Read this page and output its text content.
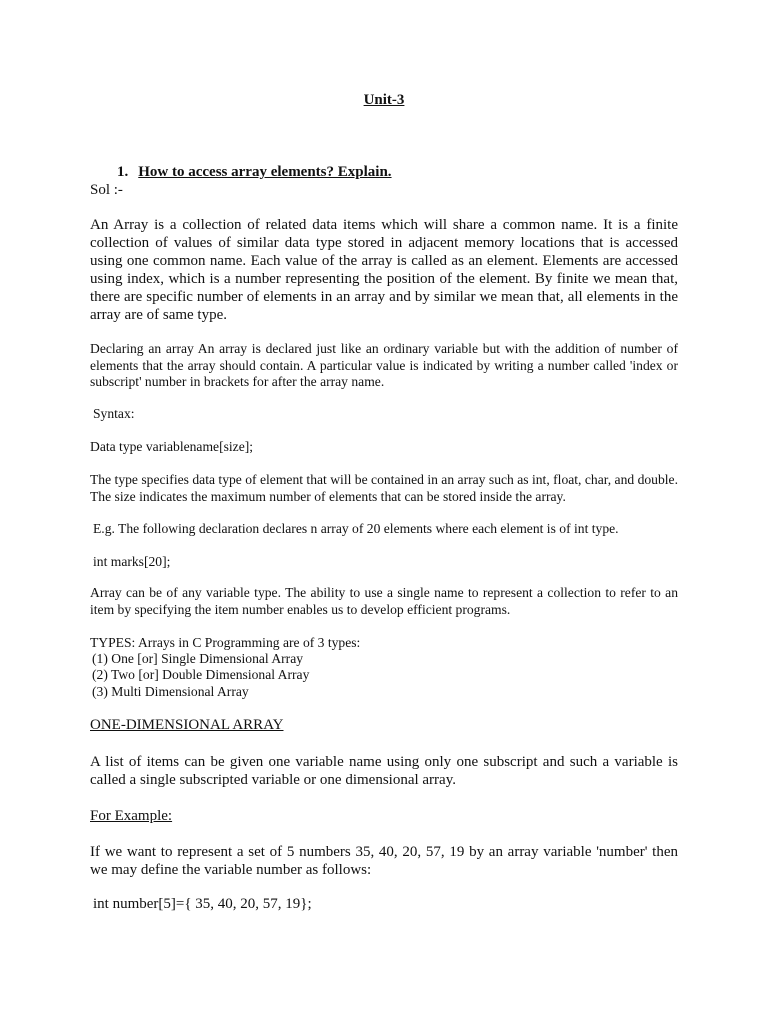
Unit-3

1. How to access array elements? Explain.

Sol :-

An Array is a collection of related data items which will share a common name. It is a finite collection of values of similar data type stored in adjacent memory locations that is accessed using one common name. Each value of the array is called as an element. Elements are accessed using index, which is a number representing the position of the element. By finite we mean that, there are specific number of elements in an array and by similar we mean that, all elements in the array are of same type.

Declaring an array An array is declared just like an ordinary variable but with the addition of number of elements that the array should contain. A particular value is indicated by writing a number called 'index or subscript' number in brackets for after the array name.

Syntax:

Data type variablename[size];

The type specifies data type of element that will be contained in an array such as int, float, char, and double. The size indicates the maximum number of elements that can be stored inside the array.

E.g. The following declaration declares n array of 20 elements where each element is of int type.

int marks[20];

Array can be of any variable type. The ability to use a single name to represent a collection to refer to an item by specifying the item number enables us to develop efficient programs.

TYPES: Arrays in C Programming are of 3 types:
(1) One [or] Single Dimensional Array
(2) Two [or] Double Dimensional Array
(3) Multi Dimensional Array

ONE-DIMENSIONAL ARRAY

A list of items can be given one variable name using only one subscript and such a variable is called a single subscripted variable or one dimensional array.

For Example:

If we want to represent a set of 5 numbers 35, 40, 20, 57, 19 by an array variable 'number' then we may define the variable number as follows:

int number[5]={ 35, 40, 20, 57, 19};
